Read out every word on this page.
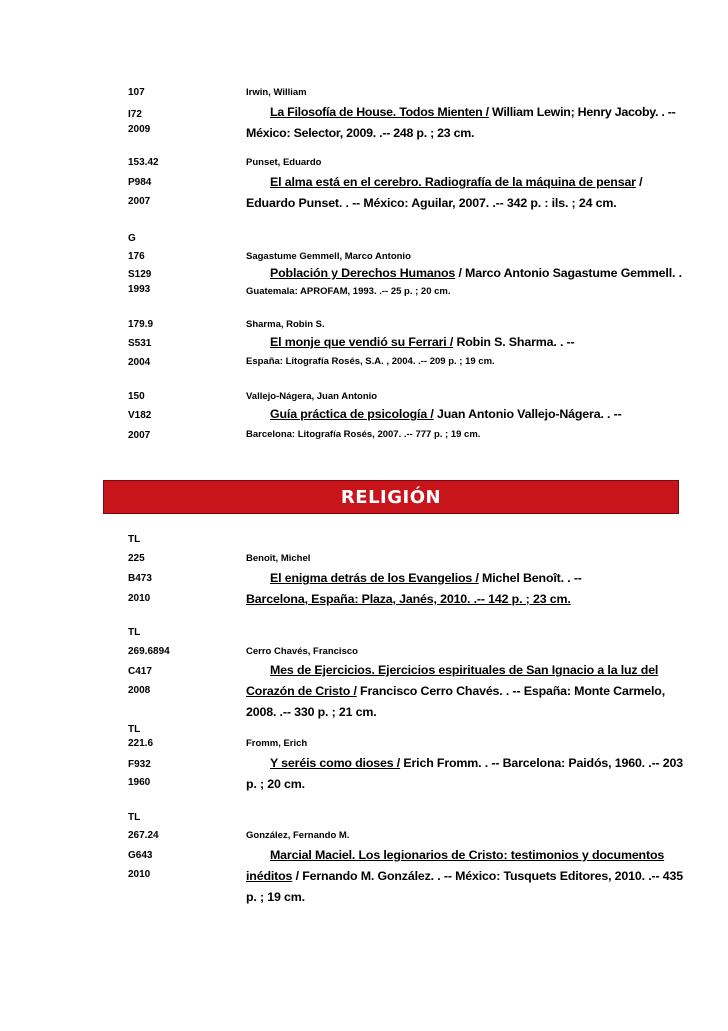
107
I72
2009
Irwin, William
La Filosofía de House. Todos Mienten / William Lewin; Henry Jacoby. . -- México: Selector, 2009. .-- 248 p. ; 23 cm.
153.42
P984
2007
Punset, Eduardo
El alma está en el cerebro. Radiografía de la máquina de pensar / Eduardo Punset. . -- México: Aguilar, 2007. .-- 342 p. : ils. ; 24 cm.
G
176
S129
1993
Sagastume Gemmell, Marco Antonio
Población y Derechos Humanos / Marco Antonio Sagastume Gemmell. .
Guatemala: APROFAM, 1993. .-- 25 p. ; 20 cm.
179.9
S531
2004
Sharma, Robin S.
El monje que vendió su Ferrari / Robin S. Sharma. . --
España: Litografía Rosés, S.A. , 2004. .-- 209 p. ; 19 cm.
150
V182
2007
Vallejo-Nágera, Juan Antonio
Guía práctica de psicología / Juan Antonio Vallejo-Nágera. . --
Barcelona: Litografía Rosés, 2007. .-- 777 p. ; 19 cm.
RELIGIÓN
TL
225
B473
2010
Benoît, Michel
El enigma detrás de los Evangelios / Michel Benoît. . --
Barcelona, España: Plaza, Janés, 2010. .-- 142 p. ; 23 cm.
TL
269.6894
C417
2008
Cerro Chavés, Francisco
Mes de Ejercicios. Ejercicios espirituales de San Ignacio a la luz del Corazón de Cristo / Francisco Cerro Chavés. . -- España: Monte Carmelo, 2008. .-- 330 p. ; 21 cm.
TL
221.6
F932
1960
Fromm, Erich
Y seréis como dioses / Erich Fromm. . -- Barcelona: Paidós, 1960. .-- 203 p. ; 20 cm.
TL
267.24
G643
2010
González, Fernando M.
Marcial Maciel. Los legionarios de Cristo: testimonios y documentos inéditos / Fernando M. González. . -- México: Tusquets Editores, 2010. .-- 435 p. ; 19 cm.
